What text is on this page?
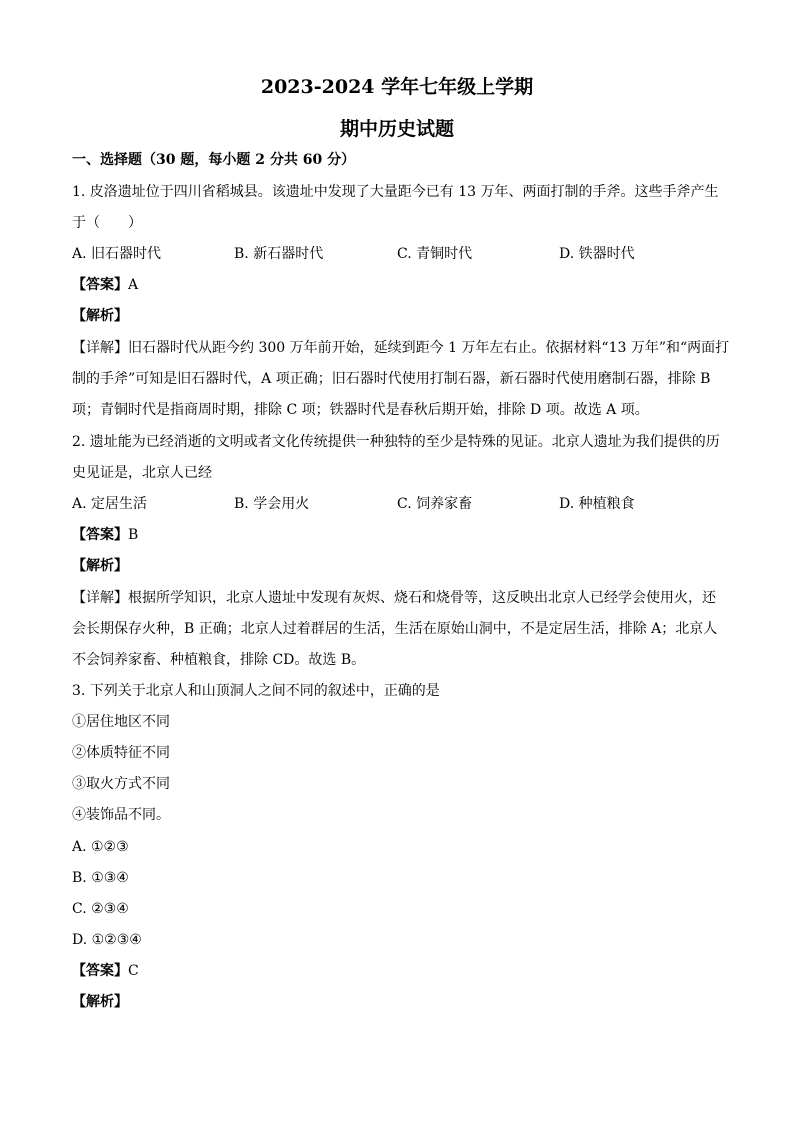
2023-2024 学年七年级上学期
期中历史试题
一、选择题（30 题，每小题 2 分共 60 分）
1. 皮洛遗址位于四川省稻城县。该遗址中发现了大量距今已有 13 万年、两面打制的手斧。这些手斧产生
于（　　）
A. 旧石器时代	B. 新石器时代	C. 青铜时代	D. 铁器时代
【答案】A
【解析】
【详解】旧石器时代从距今约 300 万年前开始，延续到距今 1 万年左右止。依据材料“13 万年”和“两面打
制的手斧”可知是旧石器时代，A 项正确；旧石器时代使用打制石器，新石器时代使用磨制石器，排除 B
项；青铜时代是指商周时期，排除 C 项；铁器时代是春秋后期开始，排除 D 项。故选 A 项。
2. 遗址能为已经消逝的文明或者文化传统提供一种独特的至少是特殊的见证。北京人遗址为我们提供的历
史见证是，北京人已经
A. 定居生活	B. 学会用火	C. 饲养家畜	D. 种植粮食
【答案】B
【解析】
【详解】根据所学知识，北京人遗址中发现有灰烬、烧石和烧骨等，这反映出北京人已经学会使用火，还
会长期保存火种，B 正确；北京人过着群居的生活，生活在原始山洞中，不是定居生活，排除 A；北京人
不会饲养家畜、种植粮食，排除 CD。故选 B。
3. 下列关于北京人和山顶洞人之间不同的叙述中，正确的是
①居住地区不同
②体质特征不同
③取火方式不同
④装饰品不同。
A. ①②③
B. ①③④
C. ②③④
D. ①②③④
【答案】C
【解析】
